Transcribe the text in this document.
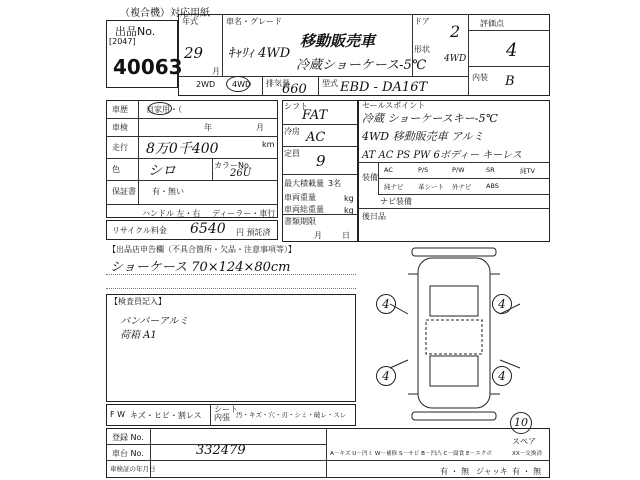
（複合機）対応用紙
出品No.
[2047]
40063
年式
29
月
車名・グレード
ｷｬﾘｨ 4WD
移動販売車
冷蔵ショーケース-5℃
ドア
2
形状
4WD
評価点
4
内装 B
2WD 4WD 排気量
660 型式 EBD - DA16T
車歴 自家用・（
車検	年	月
走行 8万0千400	km
色 シロ	カラーNo.
26U
保証書 有・無い
ハンドル 左・右 ディーラー・車行
リサイクル料金 6540 円 預託済
シフト
FAT
冷房 AC
定員 9
最大積載量 3名
車両重量	kg
車両総重量	kg
書類期限
月	日
セールスポイント
冷蔵 ショーケースキー-5℃
4WD 移動販売車 アルミ
AT AC PS PW 6ボディー キーレス
装備
AC	P/S	P/W	SR	純TV
純ナビ 革シート 外ナビ ABS
ナビ装備
後日品
【出品店申告欄（不具合箇所・欠品・注意事項等）】
ショーケース 70×124×80cm
【検査員記入】
バンパーアルミ
荷箱 A1
4	4
4	4
10
スペア
F W キズ・ヒビ・割レス
シート
内張 汚・キズ・穴・刃・シミ・破レ・スレ
登録 No.
車台 No.	332479
車検証の年月日
A－キズ U－凹ミ W－補修 S－サビ B－凹凸 C－腐食 E－エクボ	XX－交換済
有 ・ 無 ジャッキ 有 ・ 無
